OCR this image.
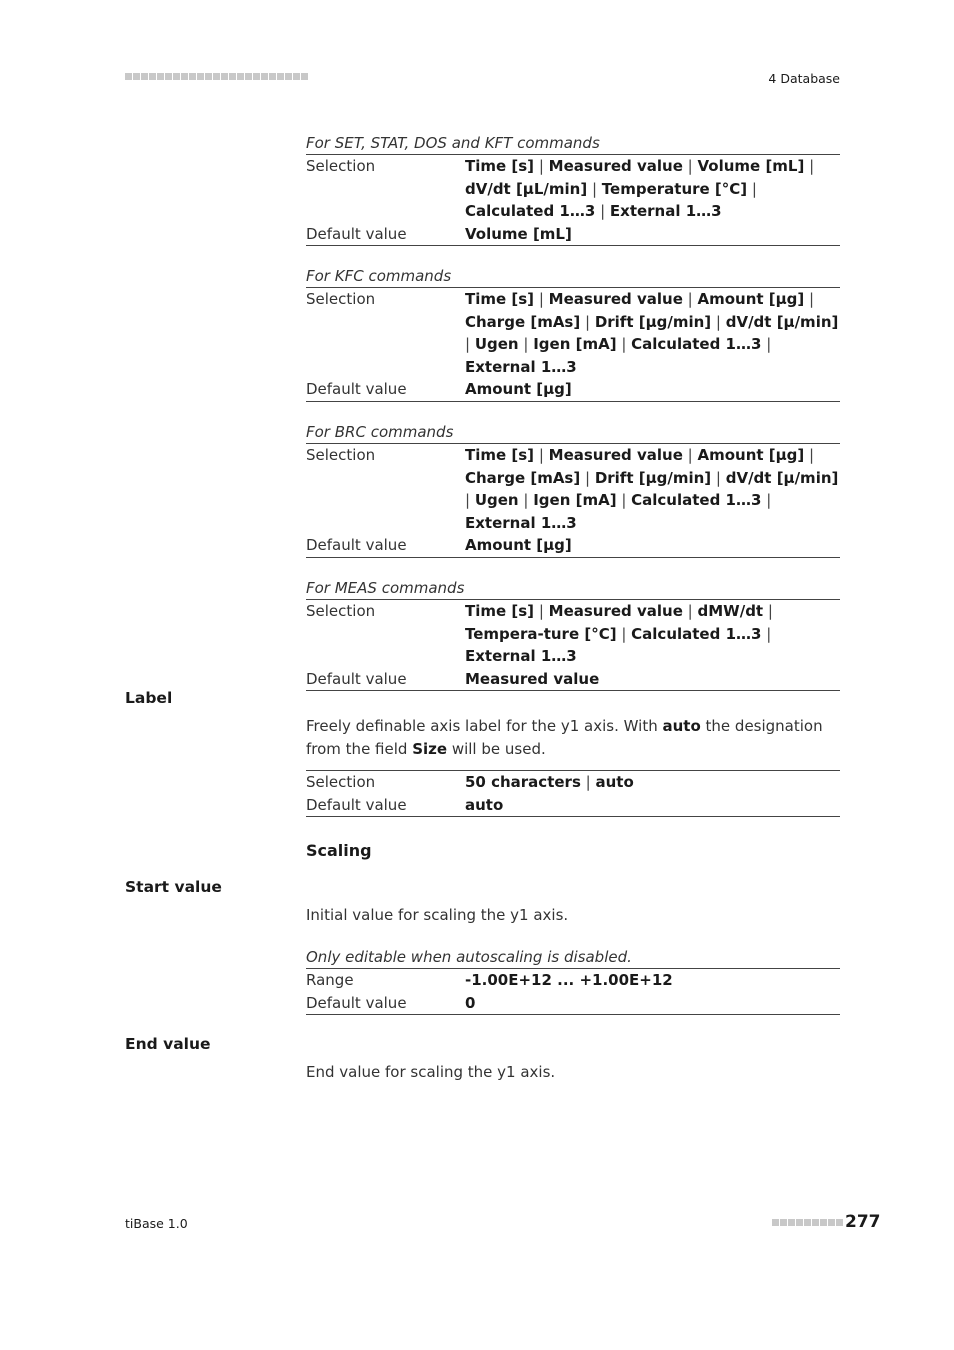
4 Database
For SET, STAT, DOS and KFT commands
Selection	Time [s] | Measured value | Volume [mL] | dV/dt [µL/min] | Temperature [°C] | Calculated 1…3 | External 1…3
Default value	Volume [mL]
For KFC commands
Selection	Time [s] | Measured value | Amount [µg] | Charge [mAs] | Drift [µg/min] | dV/dt [µ/min] | Ugen | Igen [mA] | Calculated 1…3 | External 1…3
Default value	Amount [µg]
For BRC commands
Selection	Time [s] | Measured value | Amount [µg] | Charge [mAs] | Drift [µg/min] | dV/dt [µ/min] | Ugen | Igen [mA] | Calculated 1…3 | External 1…3
Default value	Amount [µg]
For MEAS commands
Selection	Time [s] | Measured value | dMW/dt | Tempera-ture [°C] | Calculated 1…3 | External 1…3
Default value	Measured value
Label
Freely definable axis label for the y1 axis. With auto the designation from the field Size will be used.
Selection	50 characters | auto
Default value	auto
Scaling
Start value
Initial value for scaling the y1 axis.
Only editable when autoscaling is disabled.
Range	-1.00E+12 ... +1.00E+12
Default value	0
End value
End value for scaling the y1 axis.
tiBase 1.0	277
